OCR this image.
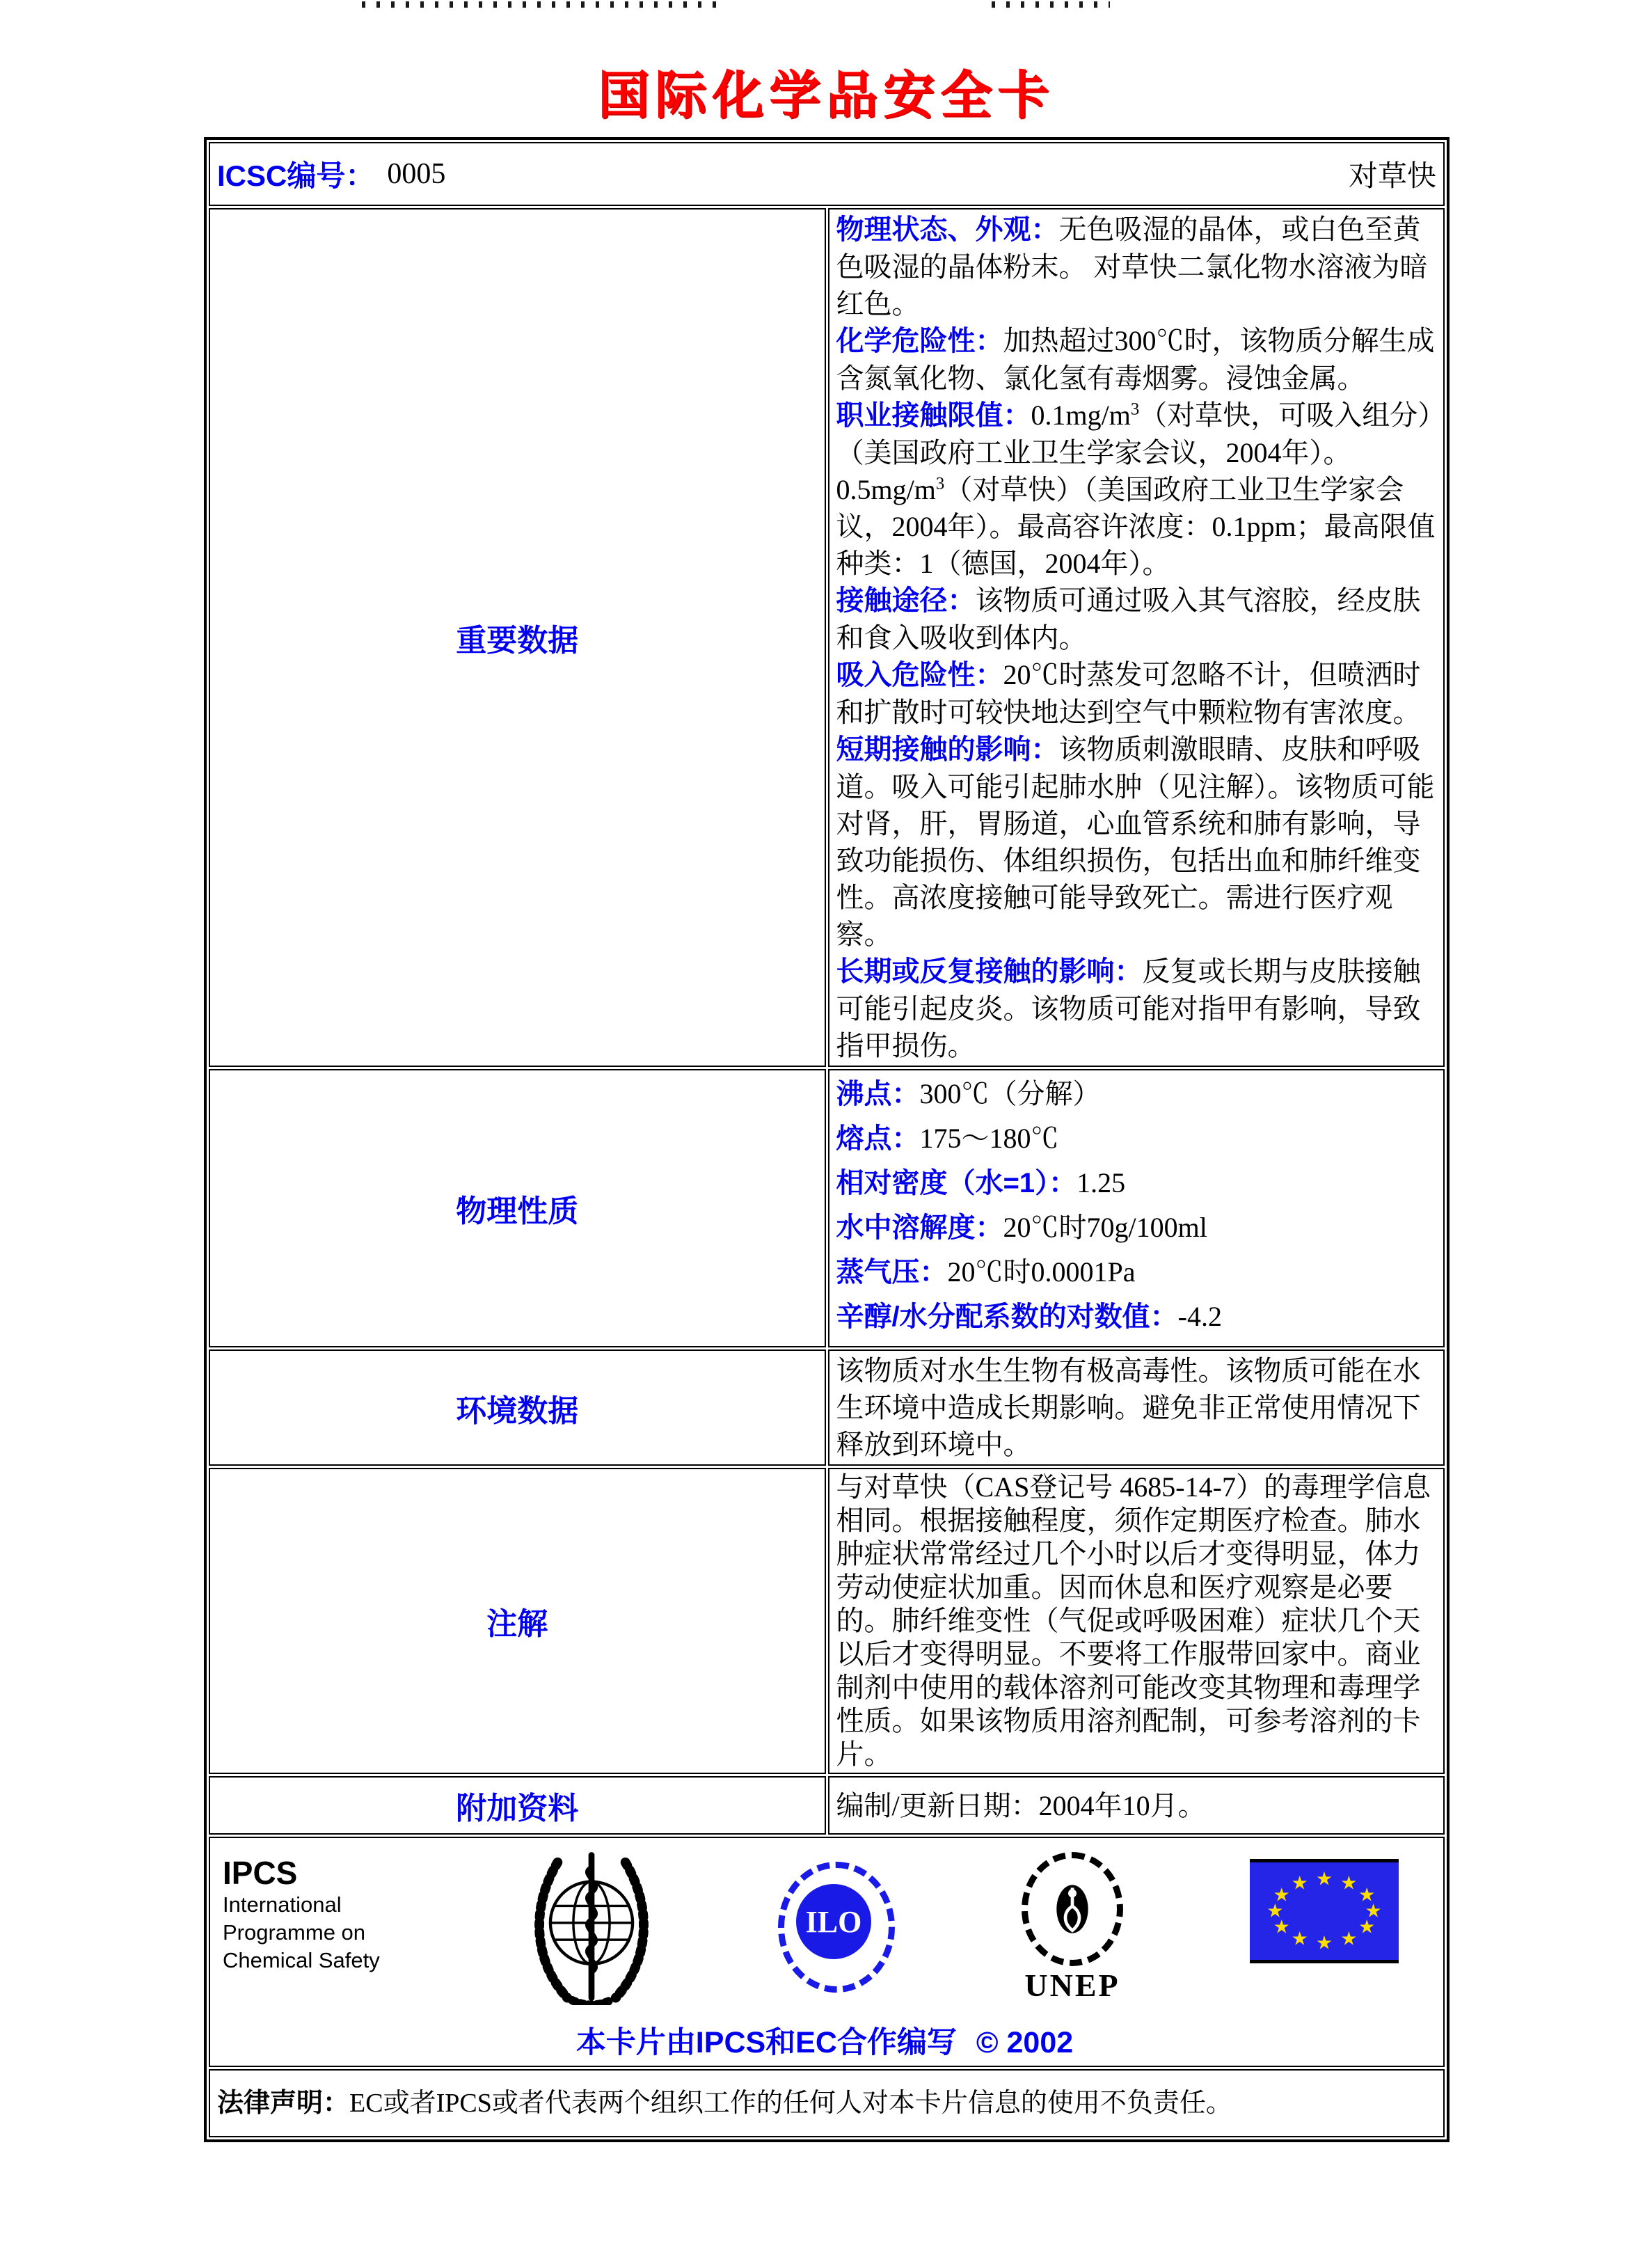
国际化学品安全卡
ICSC编号： 0005 对草快	

重要数据	
物理状态、外观：无色吸湿的晶体，或白色至黄色吸湿的晶体粉末。 对草快二氯化物水溶液为暗红色。
化学危险性：加热超过300℃时，该物质分解生成含氮氧化物、氯化氢有毒烟雾。浸蚀金属。
职业接触限值：$0.1mg/m^3$（对草快，可吸入组分）（美国政府工业卫生学家会议，2004年）。$0.5mg/m^3$（对草快）（美国政府工业卫生学家会议，2004年）。最高容许浓度：0.1ppm；最高限值种类：1（德国，2004年）。
接触途径：该物质可通过吸入其气溶胶，经皮肤和食入吸收到体内。
吸入危险性：20℃时蒸发可忽略不计，但喷洒时和扩散时可较快地达到空气中颗粒物有害浓度。
短期接触的影响：该物质刺激眼睛、皮肤和呼吸道。吸入可能引起肺水肿（见注解）。该物质可能对肾，肝，胃肠道，心血管系统和肺有影响，导致功能损伤、体组织损伤，包括出血和肺纤维变性。高浓度接触可能导致死亡。需进行医疗观察。
长期或反复接触的影响：反复或长期与皮肤接触可能引起皮炎。该物质可能对指甲有影响，导致指甲损伤。

物理性质	
沸点：300℃（分解）
熔点：175～180℃
相对密度（水=1）：1.25
水中溶解度：20℃时70g/100ml
蒸气压：20℃时0.0001Pa
辛醇/水分配系数的对数值：-4.2

环境数据	该物质对水生生物有极高毒性。该物质可能在水生环境中造成长期影响。避免非正常使用情况下释放到环境中。

注解	与对草快（CAS登记号 4685-14-7）的毒理学信息相同。根据接触程度，须作定期医疗检查。肺水肿症状常常经过几个小时以后才变得明显，体力劳动使症状加重。因而休息和医疗观察是必要的。肺纤维变性（气促或呼吸困难）症状几个天以后才变得明显。不要将工作服带回家中。商业制剂中使用的载体溶剂可能改变其物理和毒理学性质。如果该物质用溶剂配制，可参考溶剂的卡片。

附加资料	编制/更新日期：2004年10月。

IPCS
International
Programme on
Chemical Safety
ILO
UNEP
★ ★
★
★
★
★
★
★
★
★
★
★
本卡片由IPCS和EC合作编写 © 2002

法律声明：EC或者IPCS或者代表两个组织工作的任何人对本卡片信息的使用不负责任。	
